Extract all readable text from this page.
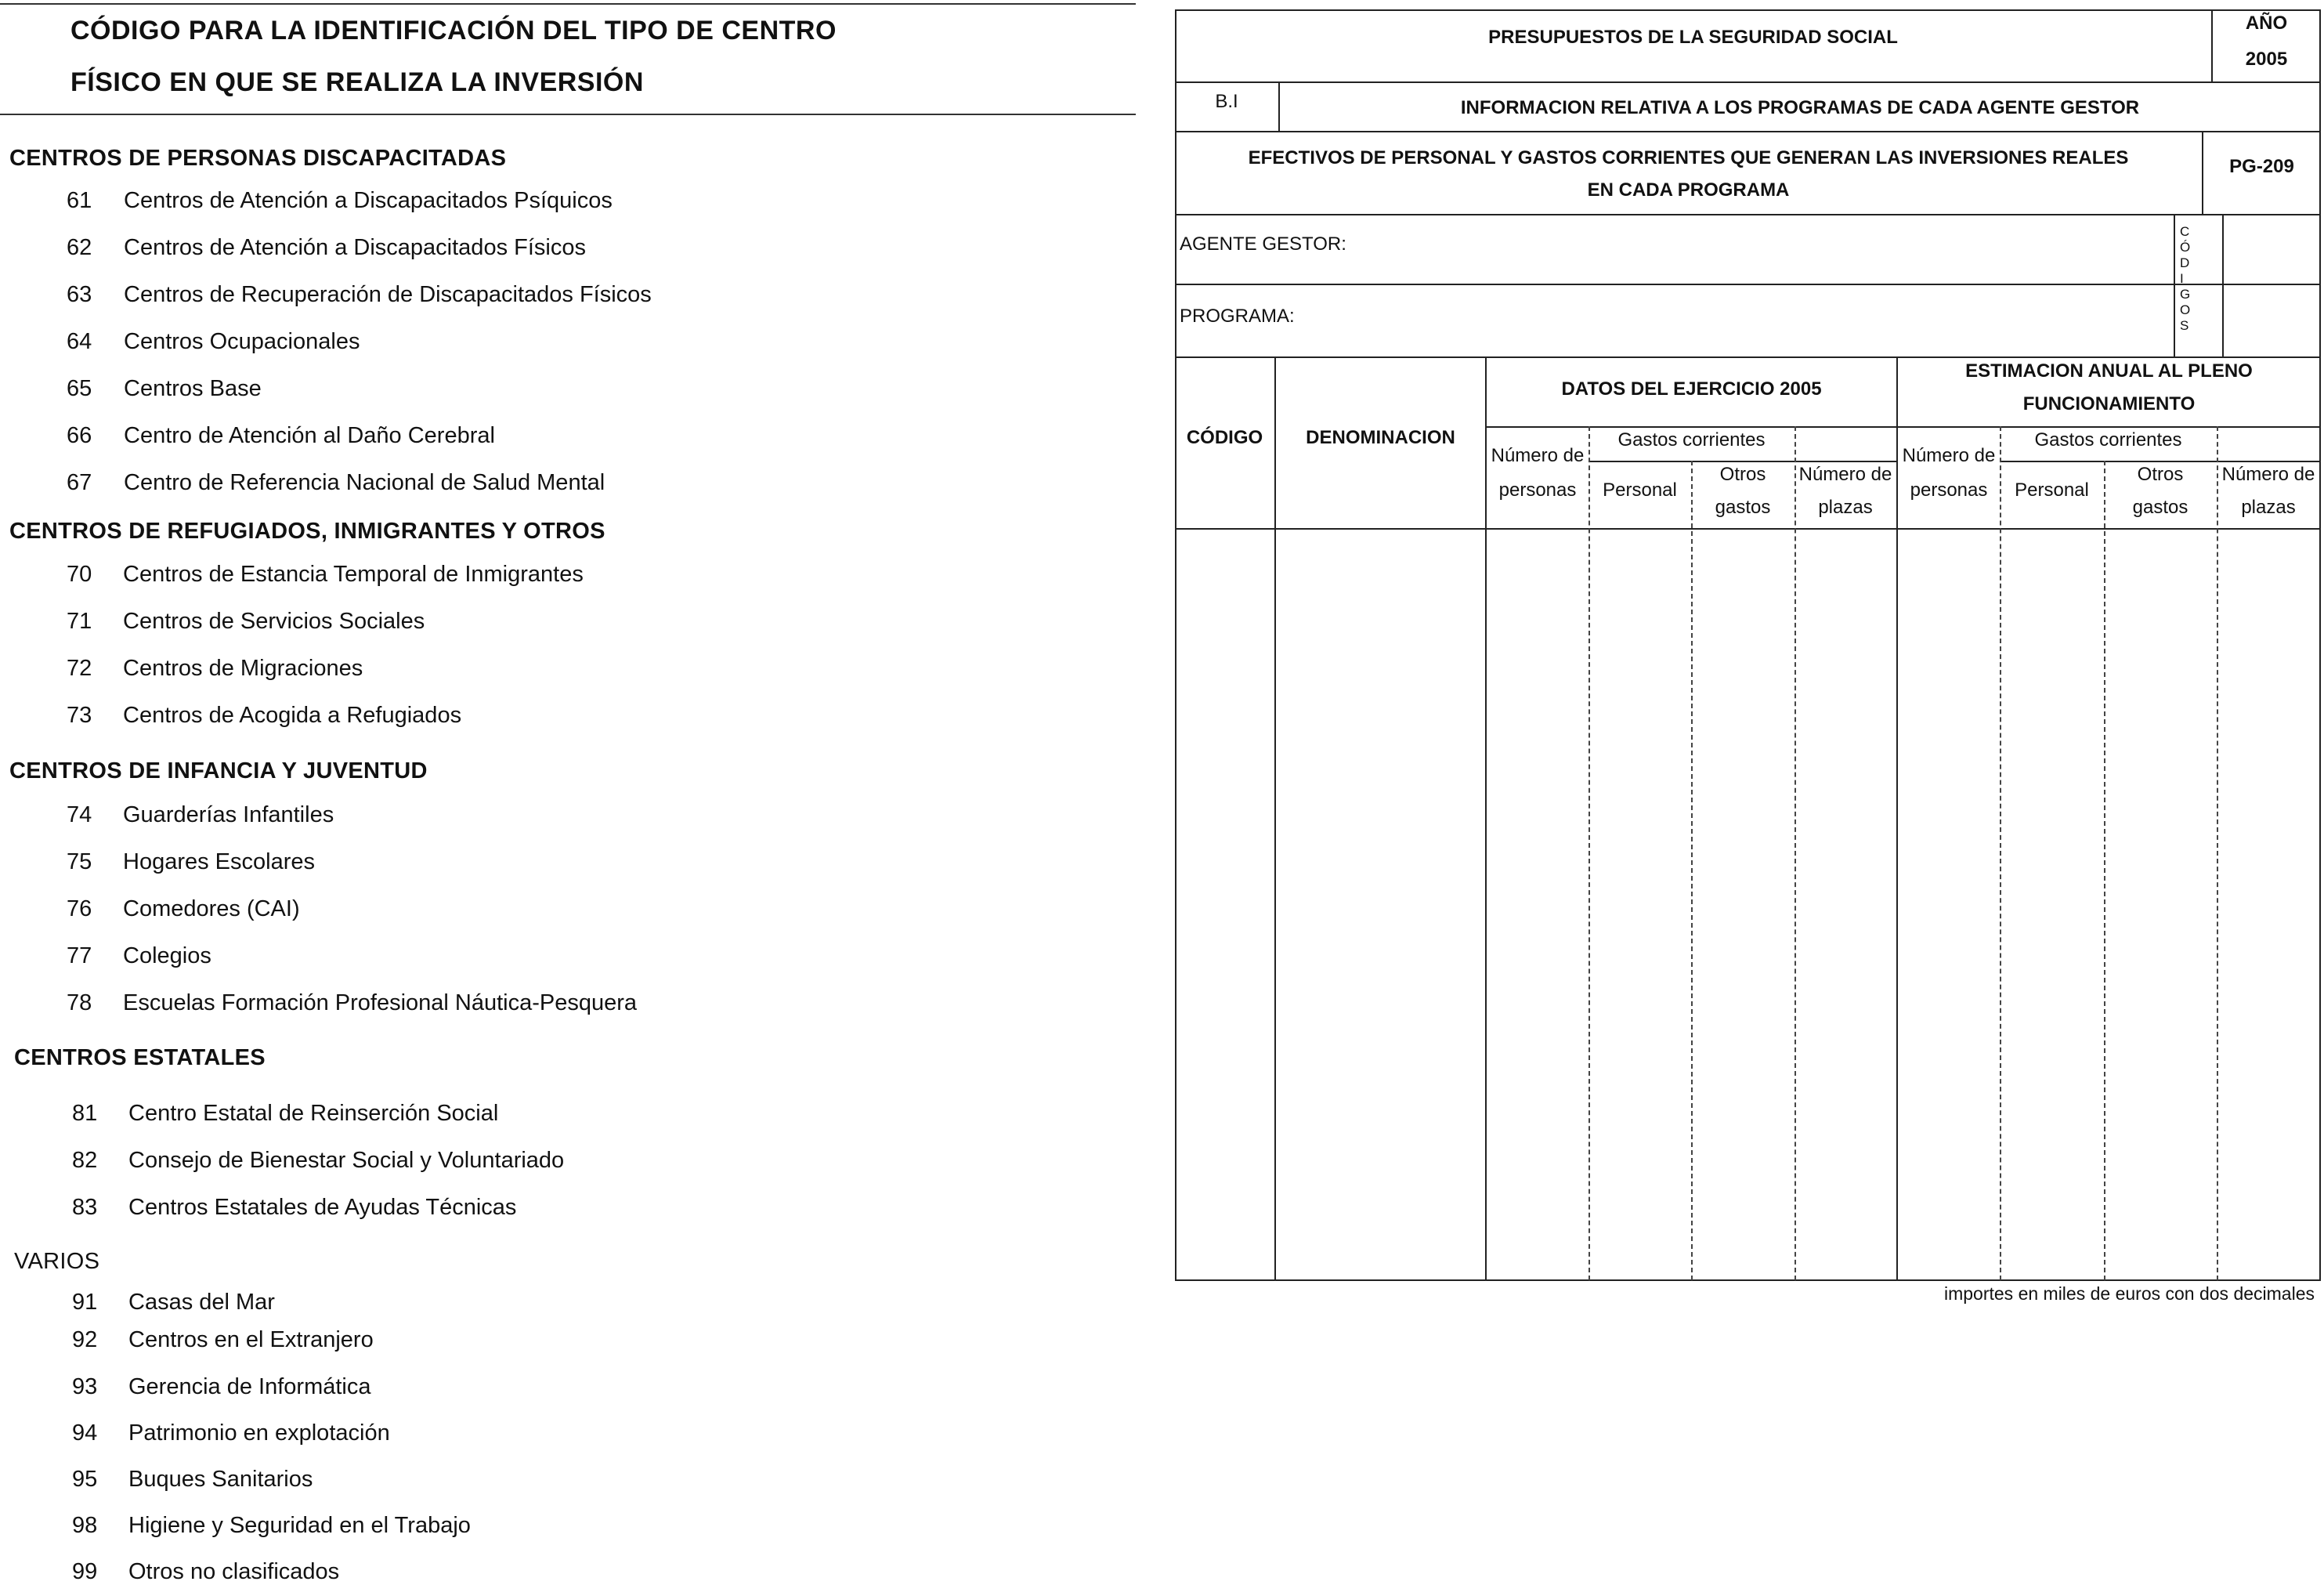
CÓDIGO PARA LA IDENTIFICACIÓN DEL TIPO DE CENTRO
FÍSICO EN QUE SE REALIZA LA INVERSIÓN
CENTROS DE PERSONAS DISCAPACITADAS
61 Centros de Atención a Discapacitados Psíquicos
62 Centros de Atención a Discapacitados Físicos
63 Centros de Recuperación de Discapacitados Físicos
64 Centros Ocupacionales
65 Centros Base
66 Centro de Atención al Daño Cerebral
67 Centro de Referencia Nacional de Salud Mental
CENTROS DE REFUGIADOS, INMIGRANTES Y OTROS
70 Centros de Estancia Temporal de Inmigrantes
71 Centros de Servicios Sociales
72 Centros de Migraciones
73 Centros de Acogida a Refugiados
CENTROS DE INFANCIA Y JUVENTUD
74 Guarderías Infantiles
75 Hogares Escolares
76 Comedores (CAI)
77 Colegios
78 Escuelas Formación Profesional Náutica-Pesquera
CENTROS ESTATALES
81 Centro Estatal de Reinserción Social
82 Consejo de Bienestar Social y Voluntariado
83 Centros Estatales de Ayudas Técnicas
VARIOS
91 Casas del Mar
92 Centros en el Extranjero
93 Gerencia de Informática
94 Patrimonio en explotación
95 Buques Sanitarios
98 Higiene y Seguridad en el Trabajo
99 Otros no clasificados
PRESUPUESTOS DE LA SEGURIDAD SOCIAL
AÑO
2005
B.I	INFORMACION RELATIVA A LOS PROGRAMAS DE CADA AGENTE GESTOR
EFECTIVOS DE PERSONAL Y GASTOS CORRIENTES QUE GENERAN LAS INVERSIONES REALES
EN CADA PROGRAMA
PG-209
AGENTE GESTOR:
PROGRAMA:
C
Ó
D
I
G
O
S
CÓDIGO	DENOMINACION
DATOS DEL EJERCICIO 2005
ESTIMACION ANUAL AL PLENO
FUNCIONAMIENTO
Número de
personas
Gastos corrientes
Personal
Otros
gastos
Número de
plazas
Número de
personas
Gastos corrientes
Personal
Otros
gastos
Número de
plazas
importes en miles de euros con dos decimales
